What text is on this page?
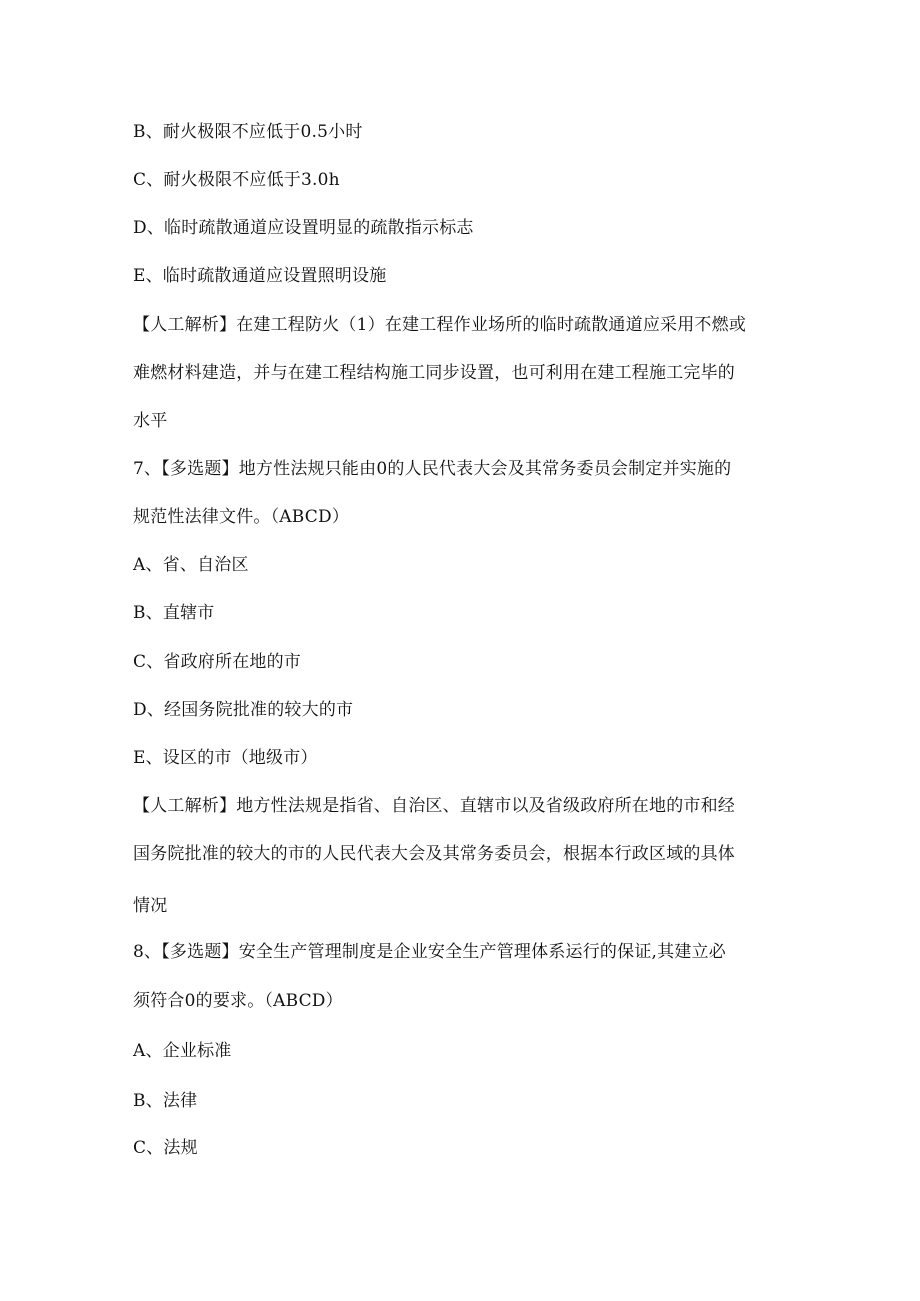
B、耐火极限不应低于0.5小时
C、耐火极限不应低于3.0h
D、临时疏散通道应设置明显的疏散指示标志
E、临时疏散通道应设置照明设施
【人工解析】在建工程防火（1）在建工程作业场所的临时疏散通道应采用不燃或
难燃材料建造，并与在建工程结构施工同步设置，也可利用在建工程施工完毕的
水平
7、【多选题】地方性法规只能由0的人民代表大会及其常务委员会制定并实施的
规范性法律文件。（ABCD）
A、省、自治区
B、直辖市
C、省政府所在地的市
D、经国务院批准的较大的市
E、设区的市（地级市）
【人工解析】地方性法规是指省、自治区、直辖市以及省级政府所在地的市和经
国务院批准的较大的市的人民代表大会及其常务委员会，根据本行政区域的具体
情况
8、【多选题】安全生产管理制度是企业安全生产管理体系运行的保证,其建立必
须符合0的要求。（ABCD）
A、企业标准
B、法律
C、法规
